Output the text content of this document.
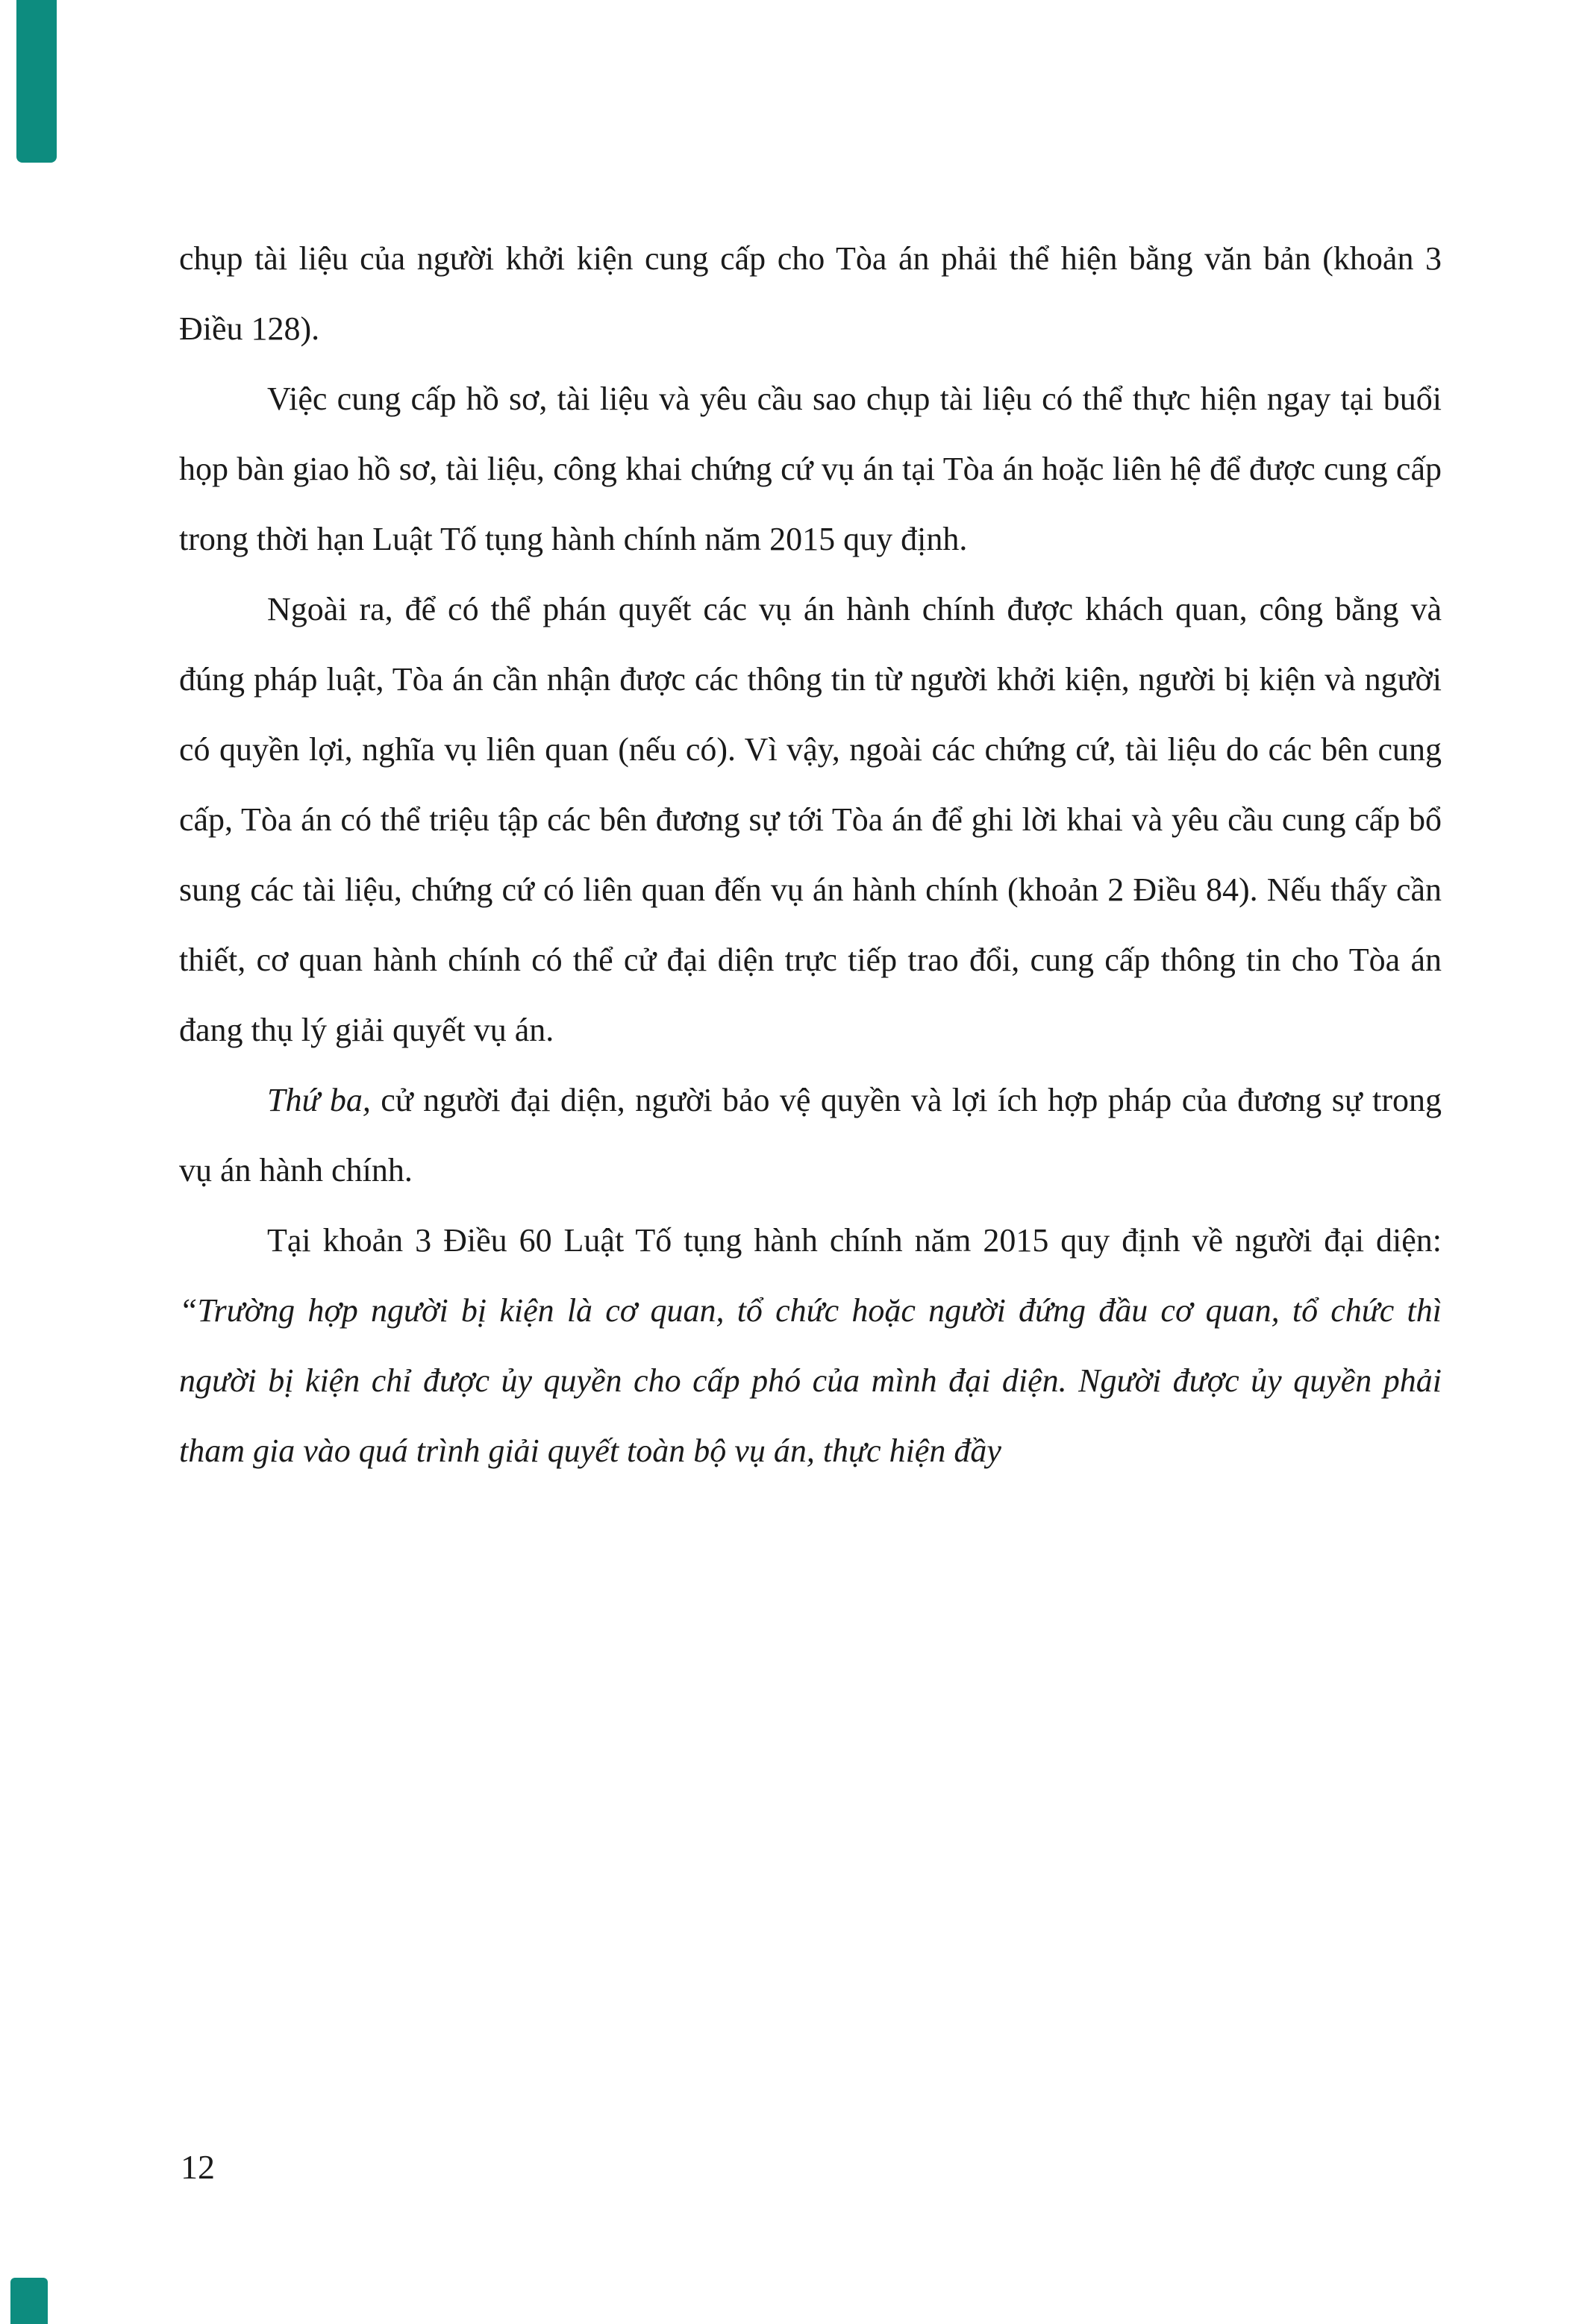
chụp tài liệu của người khởi kiện cung cấp cho Tòa án phải thể hiện bằng văn bản (khoản 3 Điều 128).

Việc cung cấp hồ sơ, tài liệu và yêu cầu sao chụp tài liệu có thể thực hiện ngay tại buổi họp bàn giao hồ sơ, tài liệu, công khai chứng cứ vụ án tại Tòa án hoặc liên hệ để được cung cấp trong thời hạn Luật Tố tụng hành chính năm 2015 quy định.

Ngoài ra, để có thể phán quyết các vụ án hành chính được khách quan, công bằng và đúng pháp luật, Tòa án cần nhận được các thông tin từ người khởi kiện, người bị kiện và người có quyền lợi, nghĩa vụ liên quan (nếu có). Vì vậy, ngoài các chứng cứ, tài liệu do các bên cung cấp, Tòa án có thể triệu tập các bên đương sự tới Tòa án để ghi lời khai và yêu cầu cung cấp bổ sung các tài liệu, chứng cứ có liên quan đến vụ án hành chính (khoản 2 Điều 84). Nếu thấy cần thiết, cơ quan hành chính có thể cử đại diện trực tiếp trao đổi, cung cấp thông tin cho Tòa án đang thụ lý giải quyết vụ án.

Thứ ba, cử người đại diện, người bảo vệ quyền và lợi ích hợp pháp của đương sự trong vụ án hành chính.

Tại khoản 3 Điều 60 Luật Tố tụng hành chính năm 2015 quy định về người đại diện: “Trường hợp người bị kiện là cơ quan, tổ chức hoặc người đứng đầu cơ quan, tổ chức thì người bị kiện chỉ được ủy quyền cho cấp phó của mình đại diện. Người được ủy quyền phải tham gia vào quá trình giải quyết toàn bộ vụ án, thực hiện đầy

12
